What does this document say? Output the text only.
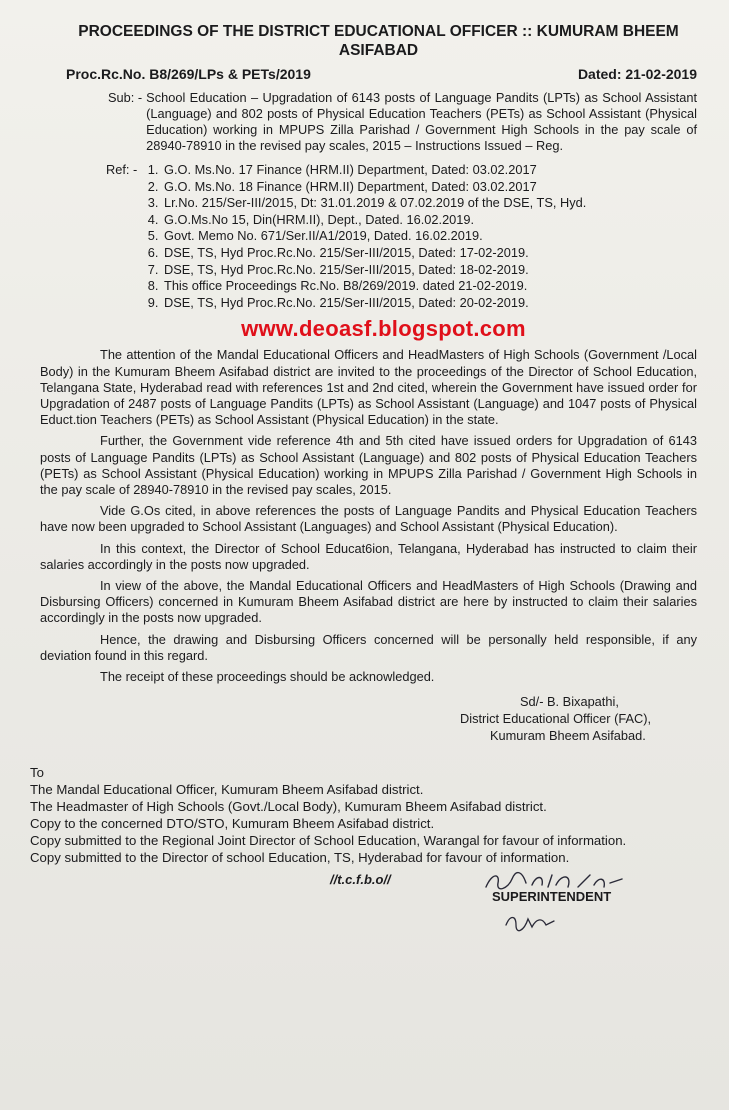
PROCEEDINGS OF THE DISTRICT EDUCATIONAL OFFICER :: KUMURAM BHEEM ASIFABAD
Proc.Rc.No. B8/269/LPs & PETs/2019	Dated: 21-02-2019
Sub: - School Education – Upgradation of 6143 posts of Language Pandits (LPTs) as School Assistant (Language) and 802 posts of Physical Education Teachers (PETs) as School Assistant (Physical Education) working in MPUPS Zilla Parishad / Government High Schools in the pay scale of 28940-78910 in the revised pay scales, 2015 – Instructions Issued – Reg.
Ref: -
1.	G.O. Ms.No. 17 Finance (HRM.II) Department, Dated: 03.02.2017
2. G.O. Ms.No. 18 Finance (HRM.II) Department, Dated: 03.02.2017
3. Lr.No. 215/Ser-III/2015, Dt: 31.01.2019 & 07.02.2019 of the DSE, TS, Hyd.
4. G.O.Ms.No 15, Din(HRM.II), Dept., Dated. 16.02.2019.
5. Govt. Memo No. 671/Ser.II/A1/2019, Dated. 16.02.2019.
6. DSE, TS, Hyd Proc.Rc.No. 215/Ser-III/2015, Dated: 17-02-2019.
7. DSE, TS, Hyd Proc.Rc.No. 215/Ser-III/2015, Dated: 18-02-2019.
8. This office Proceedings Rc.No. B8/269/2019. dated 21-02-2019.
9. DSE, TS, Hyd Proc.Rc.No. 215/Ser-III/2015, Dated: 20-02-2019.
www.deoasf.blogspot.com

The attention of the Mandal Educational Officers and HeadMasters of High Schools (Government /Local Body) in the Kumuram Bheem Asifabad district are invited to the proceedings of the Director of School Education, Telangana State, Hyderabad read with references 1st and 2nd cited, wherein the Government have issued order for Upgradation of 2487 posts of Language Pandits (LPTs) as School Assistant (Language) and 1047 posts of Physical Educt.tion Teachers (PETs) as School Assistant (Physical Education) in the state.

Further, the Government vide reference 4th and 5th cited have issued orders for Upgradation of 6143 posts of Language Pandits (LPTs) as School Assistant (Language) and 802 posts of Physical Education Teachers (PETs) as School Assistant (Physical Education) working in MPUPS Zilla Parishad / Government High Schools in the pay scale of 28940-78910 in the revised pay scales, 2015.

Vide G.Os cited, in above references the posts of Language Pandits and Physical Education Teachers have now been upgraded to School Assistant (Languages) and School Assistant (Physical Education).

In this context, the Director of School Educat6ion, Telangana, Hyderabad has instructed to claim their salaries accordingly in the posts now upgraded.

In view of the above, the Mandal Educational Officers and HeadMasters of High Schools (Drawing and Disbursing Officers) concerned in Kumuram Bheem Asifabad district are here by instructed to claim their salaries accordingly in the posts now upgraded.

Hence, the drawing and Disbursing Officers concerned will be personally held responsible, if any deviation found in this regard.

The receipt of these proceedings should be acknowledged.

Sd/- B. Bixapathi,
District Educational Officer (FAC),
Kumuram Bheem Asifabad.
To
The Mandal Educational Officer, Kumuram Bheem Asifabad district.
The Headmaster of High Schools (Govt./Local Body), Kumuram Bheem Asifabad district.
Copy to the concerned DTO/STO, Kumuram Bheem Asifabad district.
Copy submitted to the Regional Joint Director of School Education, Warangal for favour of information.
Copy submitted to the Director of school Education, TS, Hyderabad for favour of information.
//t.c.f.b.o//
SUPERINTENDENT
